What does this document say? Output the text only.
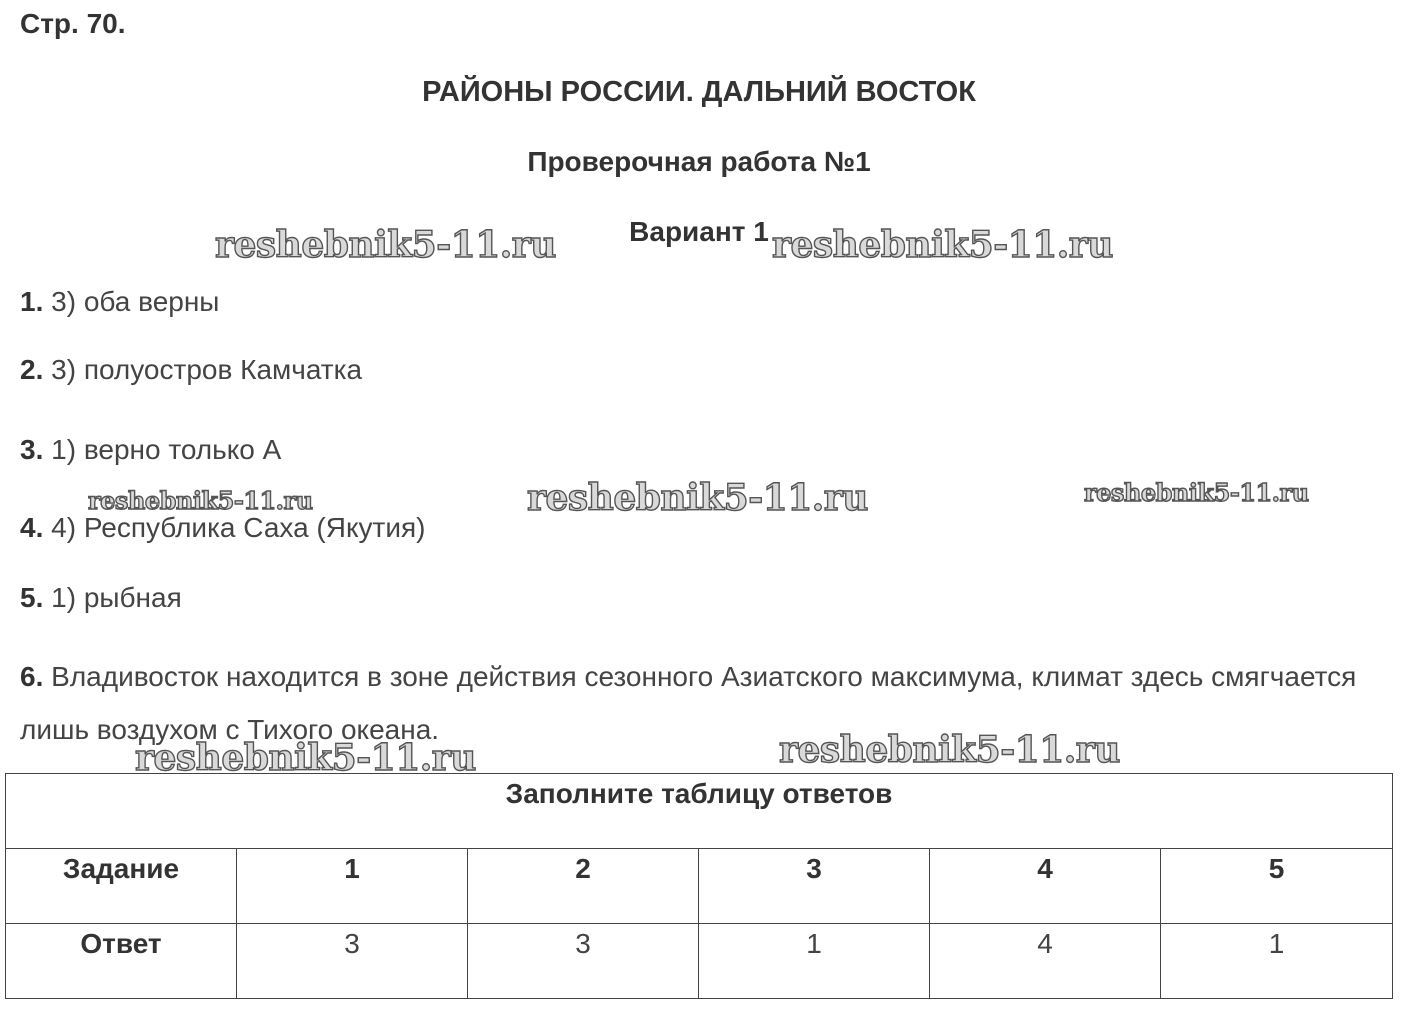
Стр. 70.
РАЙОНЫ РОССИИ. ДАЛЬНИЙ ВОСТОК
Проверочная работа №1
Вариант 1
1. 3) оба верны
2. 3) полуостров Камчатка
3. 1) верно только А
4. 4) Республика Саха (Якутия)
5. 1) рыбная
6. Владивосток находится в зоне действия сезонного Азиатского максимума, климат здесь смягчается лишь воздухом с Тихого океана.
reshebnik5-11.ru	reshebnik5-11.ru
reshebnik5-11.ru	reshebnik5-11.ru	reshebnik5-11.ru
reshebnik5-11.ru	reshebnik5-11.ru
Заполните таблицу ответов					
Задание	1	2	3	4	5
Ответ	3	3	1	4	1
